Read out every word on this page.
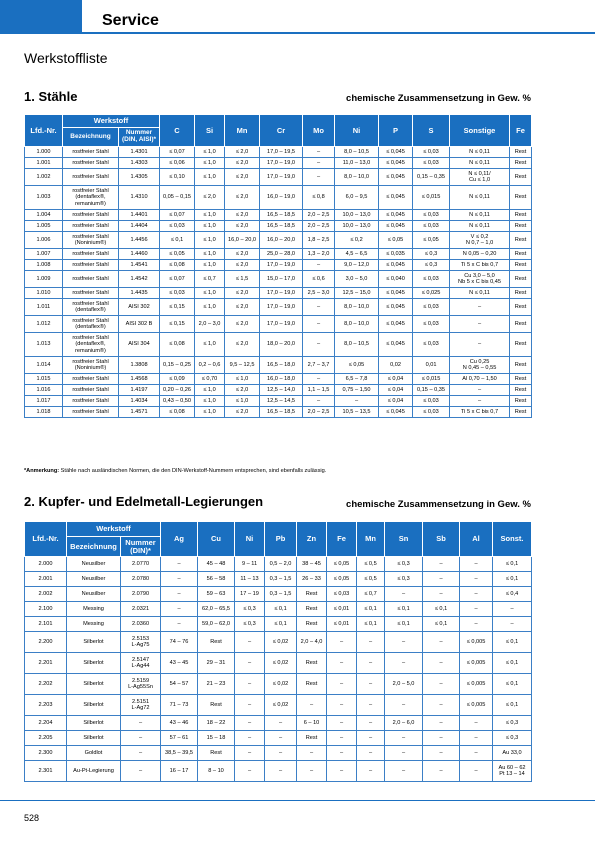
Service
Werkstoffliste
1. Stähle	chemische Zusammensetzung in Gew. %
Lfd.-Nr.	Werkstoff		C	Si	Mn	Cr	Mo	Ni	P	S	Sonstige	Fe
	Bezeichnung	Nummer (DIN, AISI)*										
1.000	rostfreier Stahl	1.4301	≤ 0,07	≤ 1,0	≤ 2,0	17,0 – 19,5	–	8,0 – 10,5	≤ 0,045	≤ 0,03	N ≤ 0,11	Rest
1.001	rostfreier Stahl	1.4303	≤ 0,06	≤ 1,0	≤ 2,0	17,0 – 19,0	–	11,0 – 13,0	≤ 0,045	≤ 0,03	N ≤ 0,11	Rest
1.002	rostfreier Stahl	1.4305	≤ 0,10	≤ 1,0	≤ 2,0	17,0 – 19,0	–	8,0 – 10,0	≤ 0,045	0,15 – 0,35	N ≤ 0,11/
Cu ≤ 1,0	Rest
1.003	rostfreier Stahl
(dentaflex®,
remanium®)	1.4310	0,05 – 0,15	≤ 2,0	≤ 2,0	16,0 – 19,0	≤ 0,8	6,0 – 9,5	≤ 0,045	≤ 0,015	N ≤ 0,11	Rest
1.004	rostfreier Stahl	1.4401	≤ 0,07	≤ 1,0	≤ 2,0	16,5 – 18,5	2,0 – 2,5	10,0 – 13,0	≤ 0,045	≤ 0,03	N ≤ 0,11	Rest
1.005	rostfreier Stahl	1.4404	≤ 0,03	≤ 1,0	≤ 2,0	16,5 – 18,5	2,0 – 2,5	10,0 – 13,0	≤ 0,045	≤ 0,03	N ≤ 0,11	Rest
1.006	rostfreier Stahl
(Noninium®)	1.4456	≤ 0,1	≤ 1,0	16,0 – 20,0	16,0 – 20,0	1,8 – 2,5	≤ 0,2	≤ 0,05	≤ 0,05	V ≤ 0,2
N 0,7 – 1,0	Rest
1.007	rostfreier Stahl	1.4460	≤ 0,05	≤ 1,0	≤ 2,0	25,0 – 28,0	1,3 – 2,0	4,5 – 6,5	≤ 0,035	≤ 0,3	N 0,05 – 0,20	Rest
1.008	rostfreier Stahl	1.4541	≤ 0,08	≤ 1,0	≤ 2,0	17,0 – 19,0	–	9,0 – 12,0	≤ 0,045	≤ 0,3	Ti 5 x C bis 0,7	Rest
1.009	rostfreier Stahl	1.4542	≤ 0,07	≤ 0,7	≤ 1,5	15,0 – 17,0	≤ 0,6	3,0 – 5,0	≤ 0,040	≤ 0,03	Cu 3,0 – 5,0
Nb 5 x C bis 0,45	Rest
1.010	rostfreier Stahl	1.4435	≤ 0,03	≤ 1,0	≤ 2,0	17,0 – 19,0	2,5 – 3,0	12,5 – 15,0	≤ 0,045	≤ 0,025	N ≤ 0,11	Rest
1.011	rostfreier Stahl
(dentaflex®)	AISI 302	≤ 0,15	≤ 1,0	≤ 2,0	17,0 – 19,0	–	8,0 – 10,0	≤ 0,045	≤ 0,03	–	Rest
1.012	rostfreier Stahl
(dentaflex®)	AISI 302 B	≤ 0,15	2,0 – 3,0	≤ 2,0	17,0 – 19,0	–	8,0 – 10,0	≤ 0,045	≤ 0,03	–	Rest
1.013	rostfreier Stahl
(dentaflex®,
remanium®)	AISI 304	≤ 0,08	≤ 1,0	≤ 2,0	18,0 – 20,0	–	8,0 – 10,5	≤ 0,045	≤ 0,03	–	Rest
1.014	rostfreier Stahl
(Noninium®)	1.3808	0,15 – 0,25	0,2 – 0,6	9,5 – 12,5	16,5 – 18,0	2,7 – 3,7	≤ 0,05	0,02	0,01	Cu 0,25
N 0,45 – 0,55	Rest
1.015	rostfreier Stahl	1.4568	≤ 0,09	≤ 0,70	≤ 1,0	16,0 – 18,0	–	6,5 – 7,8	≤ 0,04	≤ 0,015	Al 0,70 – 1,50	Rest
1.016	rostfreier Stahl	1.4197	0,20 – 0,26	≤ 1,0	≤ 2,0	12,5 – 14,0	1,1 – 1,5	0,75 – 1,50	≤ 0,04	0,15 – 0,35	–	Rest
1.017	rostfreier Stahl	1.4034	0,43 – 0,50	≤ 1,0	≤ 1,0	12,5 – 14,5	–	–	≤ 0,04	≤ 0,03	–	Rest
1.018	rostfreier Stahl	1.4571	≤ 0,08	≤ 1,0	≤ 2,0	16,5 – 18,5	2,0 – 2,5	10,5 – 13,5	≤ 0,045	≤ 0,03	Ti 5 x C bis 0,7	Rest
*Anmerkung: Stähle nach ausländischen Normen, die den DIN-Werkstoff-Nummern entsprechen, sind ebenfalls zulässig.
2. Kupfer- und Edelmetall-Legierungen	chemische Zusammensetzung in Gew. %
Lfd.-Nr.	Werkstoff		Ag	Cu	Ni	Pb	Zn	Fe	Mn	Sn	Sb	Al	Sonst.
	Bezeichnung	Nummer (DIN)*											
2.000	Neusilber	2.0770	–	45 – 48	9 – 11	0,5 – 2,0	38 – 45	≤ 0,05	≤ 0,5	≤ 0,3	–	–	≤ 0,1
2.001	Neusilber	2.0780	–	56 – 58	11 – 13	0,3 – 1,5	26 – 33	≤ 0,05	≤ 0,5	≤ 0,3	–	–	≤ 0,1
2.002	Neusilber	2.0790	–	59 – 63	17 – 19	0,3 – 1,5	Rest	≤ 0,03	≤ 0,7	–	–	–	≤ 0,4
2.100	Messing	2.0321	–	62,0 – 65,5	≤ 0,3	≤ 0,1	Rest	≤ 0,01	≤ 0,1	≤ 0,1	≤ 0,1	–	–
2.101	Messing	2.0360	–	59,0 – 62,0	≤ 0,3	≤ 0,1	Rest	≤ 0,01	≤ 0,1	≤ 0,1	≤ 0,1	–	–
2.200	Silberlot	2.5153
L-Ag75	74 – 76	Rest	–	≤ 0,02	2,0 – 4,0	–	–	–	–	≤ 0,005	≤ 0,1
2.201	Silberlot	2.5147
L-Ag44	43 – 45	29 – 31	–	≤ 0,02	Rest	–	–	–	–	≤ 0,005	≤ 0,1
2.202	Silberlot	2.5159
L-Ag55Sn	54 – 57	21 – 23	–	≤ 0,02	Rest	–	–	2,0 – 5,0	–	≤ 0,005	≤ 0,1
2.203	Silberlot	2.5151
L-Ag72	71 – 73	Rest	–	≤ 0,02	–	–	–	–	–	≤ 0,005	≤ 0,1
2.204	Silberlot	–	43 – 46	18 – 22	–	–	6 – 10	–	–	2,0 – 6,0	–	–	≤ 0,3
2.205	Silberlot	–	57 – 61	15 – 18	–	–	Rest	–	–	–	–	–	≤ 0,3
2.300	Goldlot	–	38,5 – 39,5	Rest	–	–	–	–	–	–	–	–	Au 33,0
2.301	Au-Pt-Legierung	–	16 – 17	8 – 10	–	–	–	–	–	–	–	–	Au 60 – 62
Pt 13 – 14
528
